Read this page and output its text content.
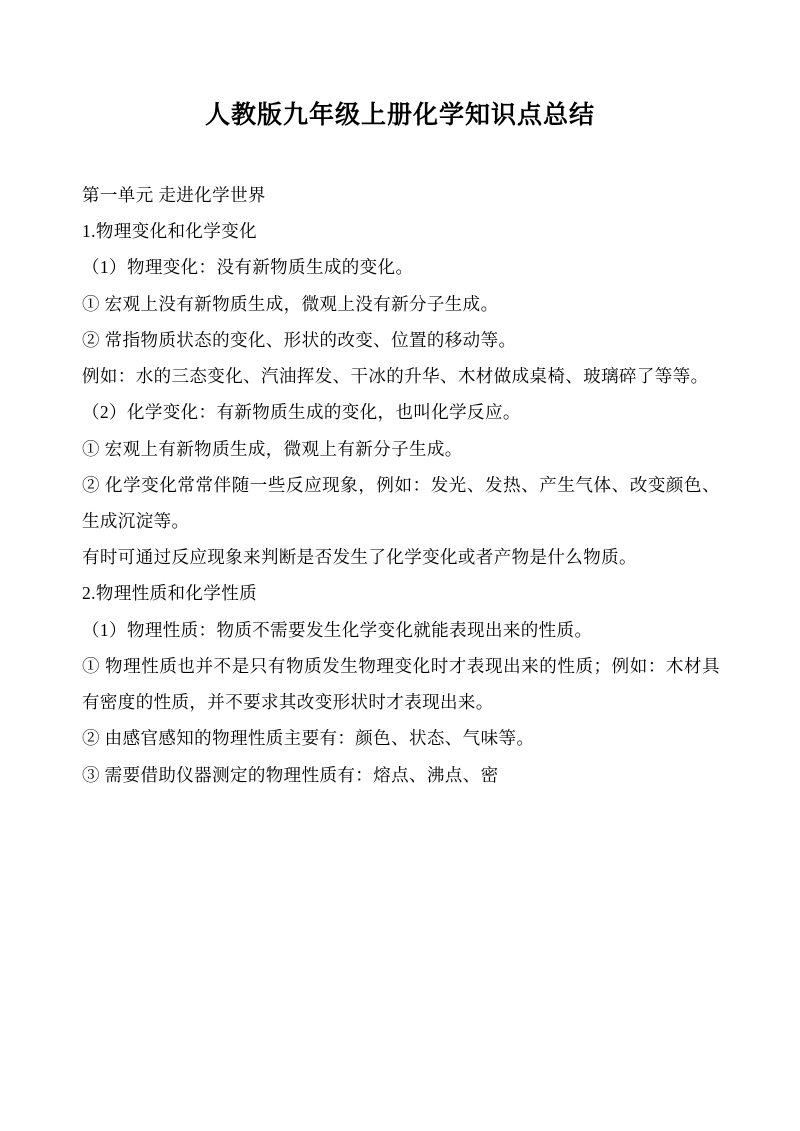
人教版九年级上册化学知识点总结

第一单元 走进化学世界

1.物理变化和化学变化

（1）物理变化：没有新物质生成的变化。

① 宏观上没有新物质生成，微观上没有新分子生成。

② 常指物质状态的变化、形状的改变、位置的移动等。

例如：水的三态变化、汽油挥发、干冰的升华、木材做成桌椅、玻璃碎了等等。

（2）化学变化：有新物质生成的变化，也叫化学反应。

① 宏观上有新物质生成，微观上有新分子生成。

② 化学变化常常伴随一些反应现象，例如：发光、发热、产生气体、改变颜色、生成沉淀等。

有时可通过反应现象来判断是否发生了化学变化或者产物是什么物质。

2.物理性质和化学性质

（1）物理性质：物质不需要发生化学变化就能表现出来的性质。

① 物理性质也并不是只有物质发生物理变化时才表现出来的性质；例如：木材具有密度的性质，并不要求其改变形状时才表现出来。

② 由感官感知的物理性质主要有：颜色、状态、气味等。

③ 需要借助仪器测定的物理性质有：熔点、沸点、密
